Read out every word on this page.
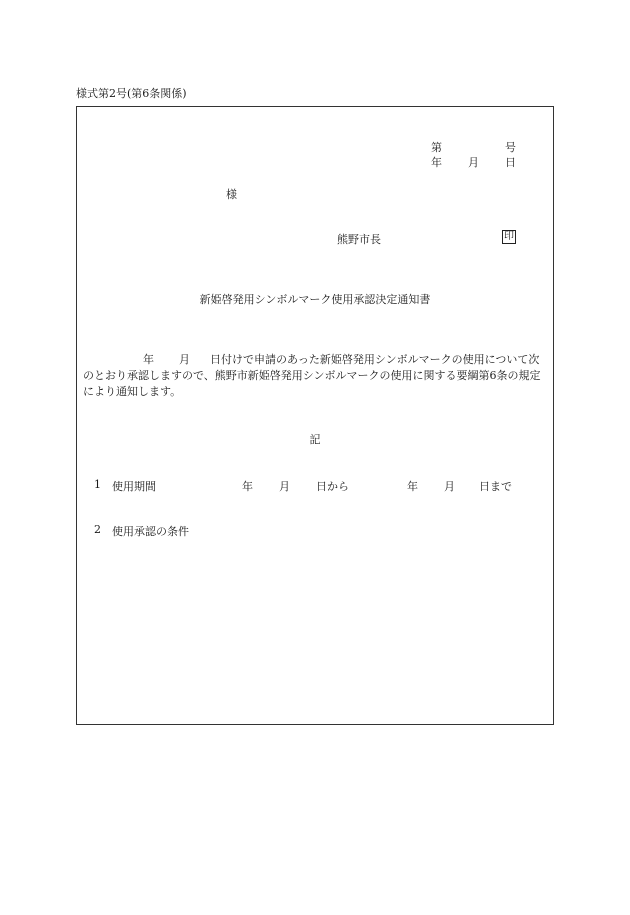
様式第2号(第6条関係)
第	号
年 月 日
様
熊野市長	印
新姫啓発用シンボルマーク使用承認決定通知書
年 月 日付けで申請のあった新姫啓発用シンボルマークの使用について次のとおり承認しますので、熊野市新姫啓発用シンボルマークの使用に関する要綱第6条の規定により通知します。
記
1 使用期間	年 月 日から	年 月 日まで
2 使用承認の条件
